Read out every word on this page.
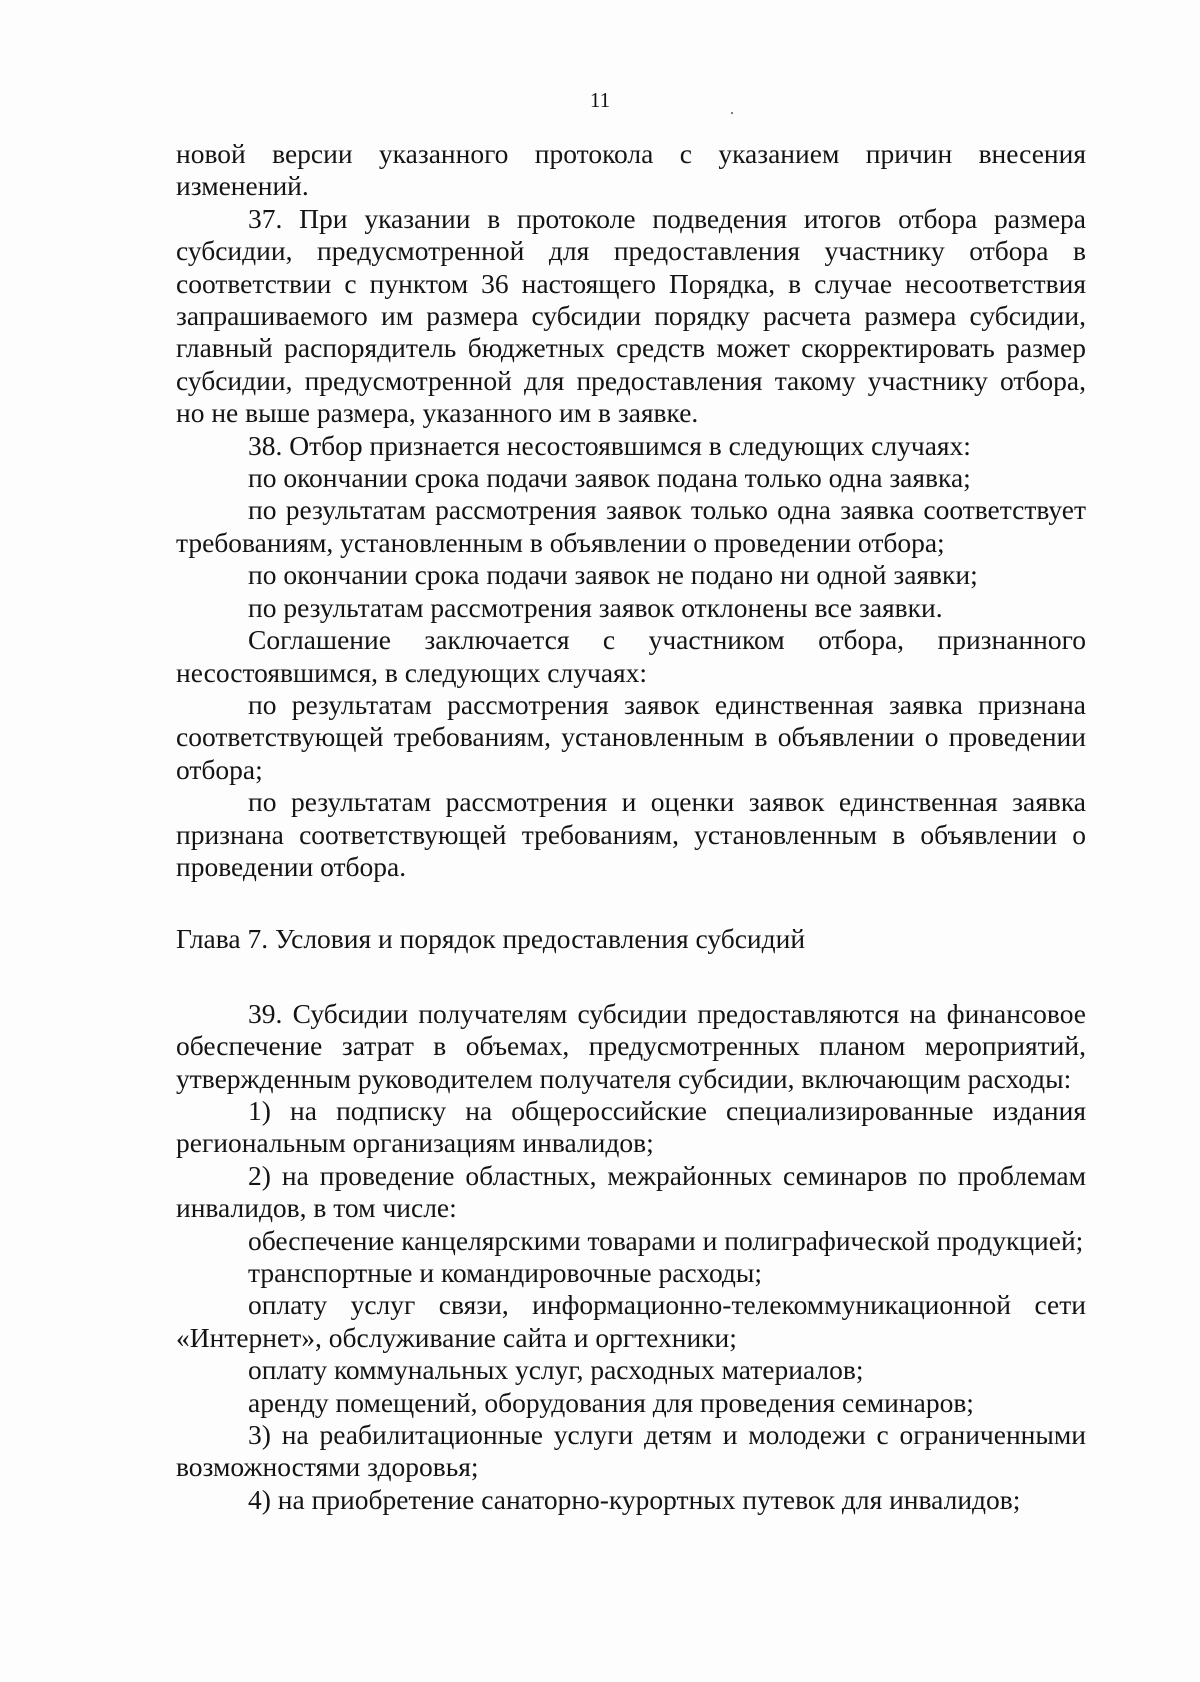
11

новой версии указанного протокола с указанием причин внесения изменений.

37. При указании в протоколе подведения итогов отбора размера субсидии, предусмотренной для предоставления участнику отбора в соответствии с пунктом 36 настоящего Порядка, в случае несоответствия запрашиваемого им размера субсидии порядку расчета размера субсидии, главный распорядитель бюджетных средств может скорректировать размер субсидии, предусмотренной для предоставления такому участнику отбора, но не выше размера, указанного им в заявке.

38. Отбор признается несостоявшимся в следующих случаях:

по окончании срока подачи заявок подана только одна заявка;

по результатам рассмотрения заявок только одна заявка соответствует требованиям, установленным в объявлении о проведении отбора;

по окончании срока подачи заявок не подано ни одной заявки;

по результатам рассмотрения заявок отклонены все заявки.

Соглашение заключается с участником отбора, признанного несостоявшимся, в следующих случаях:

по результатам рассмотрения заявок единственная заявка признана соответствующей требованиям, установленным в объявлении о проведении отбора;

по результатам рассмотрения и оценки заявок единственная заявка признана соответствующей требованиям, установленным в объявлении о проведении отбора.

Глава 7. Условия и порядок предоставления субсидий

39. Субсидии получателям субсидии предоставляются на финансовое обеспечение затрат в объемах, предусмотренных планом мероприятий, утвержденным руководителем получателя субсидии, включающим расходы:

1) на подписку на общероссийские специализированные издания региональным организациям инвалидов;

2) на проведение областных, межрайонных семинаров по проблемам инвалидов, в том числе:

обеспечение канцелярскими товарами и полиграфической продукцией;

транспортные и командировочные расходы;

оплату услуг связи, информационно-телекоммуникационной сети «Интернет», обслуживание сайта и оргтехники;

оплату коммунальных услуг, расходных материалов;

аренду помещений, оборудования для проведения семинаров;

3) на реабилитационные услуги детям и молодежи с ограниченными возможностями здоровья;

4) на приобретение санаторно-курортных путевок для инвалидов;
